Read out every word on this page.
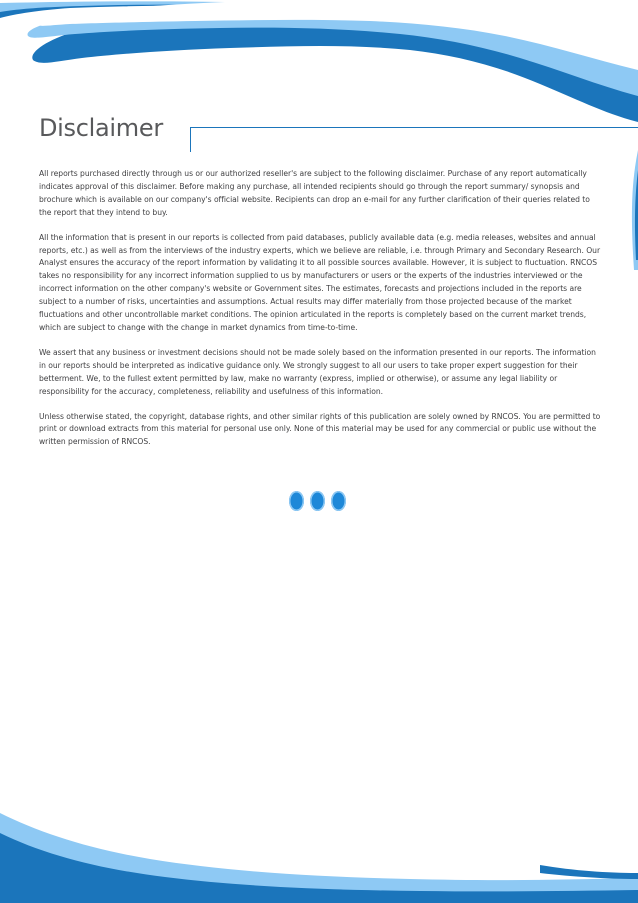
Disclaimer

All reports purchased directly through us or our authorized reseller's are subject to the following disclaimer. Purchase of any report automatically indicates approval of this disclaimer. Before making any purchase, all intended recipients should go through the report summary/ synopsis and brochure which is available on our company's official website. Recipients can drop an e-mail for any further clarification of their queries related to the report that they intend to buy.

All the information that is present in our reports is collected from paid databases, publicly available data (e.g. media releases, websites and annual reports, etc.) as well as from the interviews of the industry experts, which we believe are reliable, i.e. through Primary and Secondary Research. Our Analyst ensures the accuracy of the report information by validating it to all possible sources available. However, it is subject to fluctuation. RNCOS takes no responsibility for any incorrect information supplied to us by manufacturers or users or the experts of the industries interviewed or the incorrect information on the other company's website or Government sites. The estimates, forecasts and projections included in the reports are subject to a number of risks, uncertainties and assumptions. Actual results may differ materially from those projected because of the market fluctuations and other uncontrollable market conditions. The opinion articulated in the reports is completely based on the current market trends, which are subject to change with the change in market dynamics from time-to-time.

We assert that any business or investment decisions should not be made solely based on the information presented in our reports. The information in our reports should be interpreted as indicative guidance only. We strongly suggest to all our users to take proper expert suggestion for their betterment. We, to the fullest extent permitted by law, make no warranty (express, implied or otherwise), or assume any legal liability or responsibility for the accuracy, completeness, reliability and usefulness of this information.

Unless otherwise stated, the copyright, database rights, and other similar rights of this publication are solely owned by RNCOS. You are permitted to print or download extracts from this material for personal use only. None of this material may be used for any commercial or public use without the written permission of RNCOS.
